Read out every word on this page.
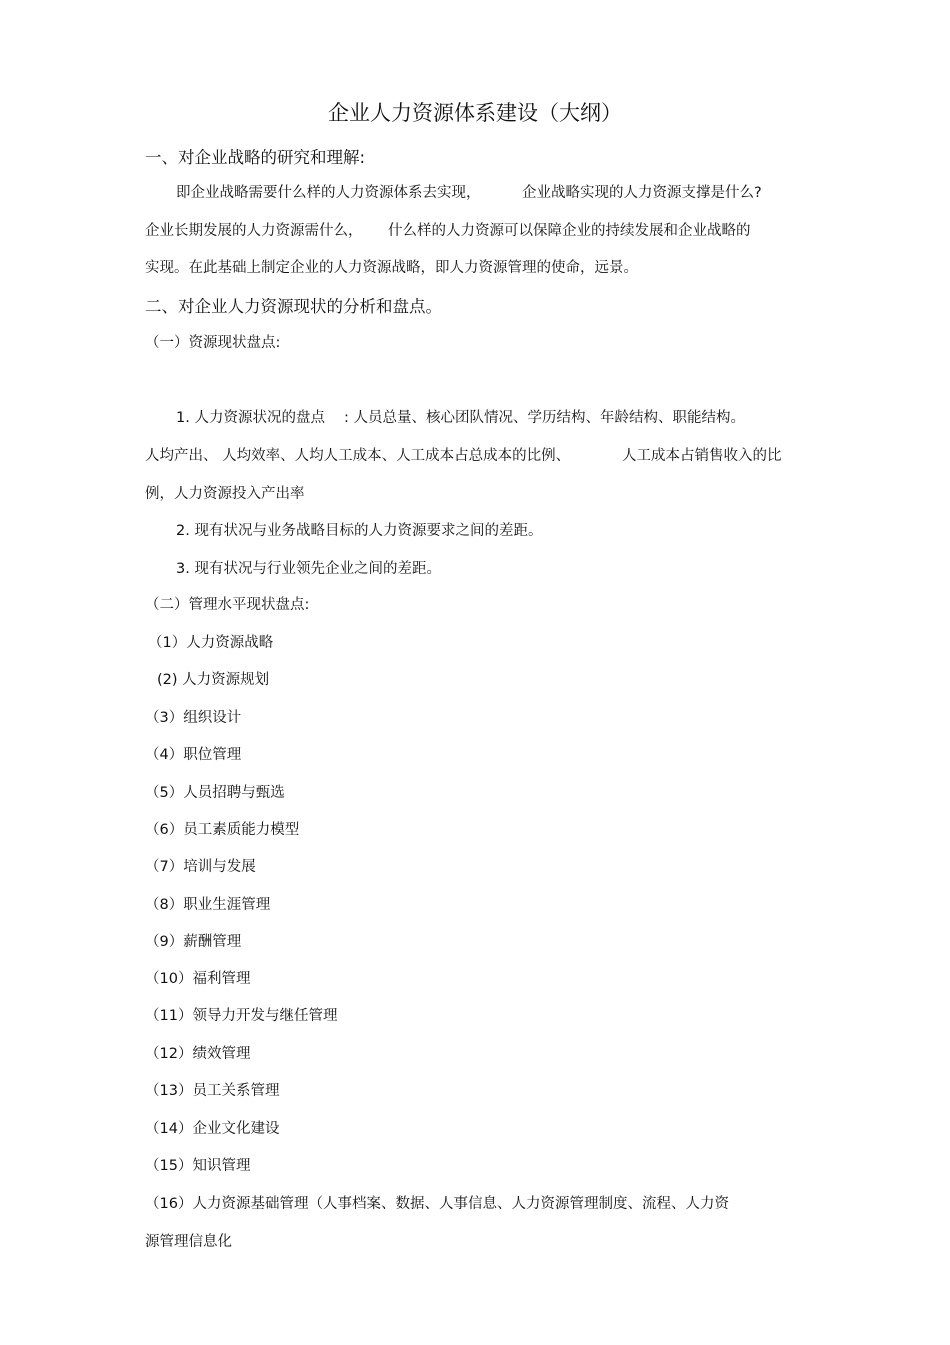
企业人力资源体系建设（大纲）
一、对企业战略的研究和理解:
即企业战略需要什么样的人力资源体系去实现，	企业战略实现的人力资源支撑是什么?
企业长期发展的人力资源需什么， 什么样的人力资源可以保障企业的持续发展和企业战略的
实现。在此基础上制定企业的人力资源战略，即人力资源管理的使命，远景。
二、对企业人力资源现状的分析和盘点。
（一）资源现状盘点:
1. 人力资源状况的盘点 : 人员总量、核心团队情况、学历结构、年龄结构、职能结构。
人均产出、 人均效率、人均人工成本、人工成本占总成本的比例、	人工成本占销售收入的比
例，人力资源投入产出率
2. 现有状况与业务战略目标的人力资源要求之间的差距。
3. 现有状况与行业领先企业之间的差距。
（二）管理水平现状盘点:
（1）人力资源战略
(2) 人力资源规划
（3）组织设计
（4）职位管理
（5）人员招聘与甄选
（6）员工素质能力模型
（7）培训与发展
（8）职业生涯管理
（9）薪酬管理
（10）福利管理
（11）领导力开发与继任管理
（12）绩效管理
（13）员工关系管理
（14）企业文化建设
（15）知识管理
（16）人力资源基础管理（人事档案、数据、人事信息、人力资源管理制度、流程、人力资
源管理信息化
